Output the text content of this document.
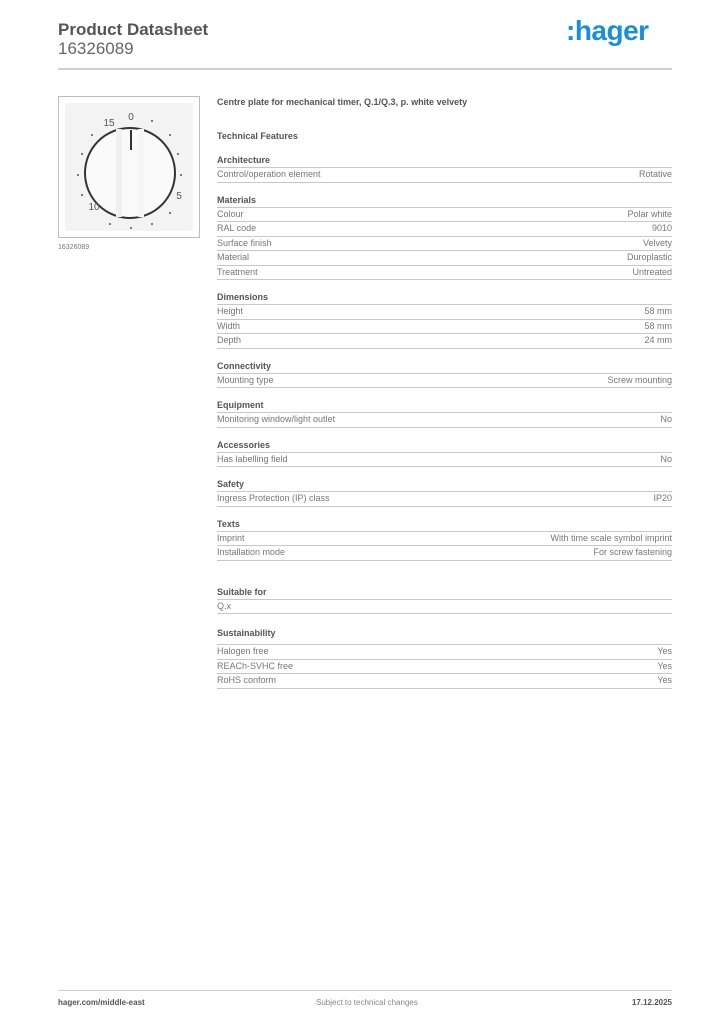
Product Datasheet
16326089
:hager
0
5
10
15
16326089
Centre plate for mechanical timer, Q.1/Q.3, p. white velvety
Technical Features
Architecture
Control/operation element	Rotative
Materials
Colour	Polar white
RAL code	9010
Surface finish	Velvety
Material	Duroplastic
Treatment	Untreated
Dimensions
Height	58 mm
Width	58 mm
Depth	24 mm
Connectivity
Mounting type	Screw mounting
Equipment
Monitoring window/light outlet	No
Accessories
Has labelling field	No
Safety
Ingress Protection (IP) class	IP20
Texts
Imprint	With time scale symbol imprint
Installation mode	For screw fastening
Suitable for
Q.x
Sustainability
Halogen free	Yes
REACh-SVHC free	Yes
RoHS conform	Yes
hager.com/middle-east	Subject to technical changes	17.12.2025
